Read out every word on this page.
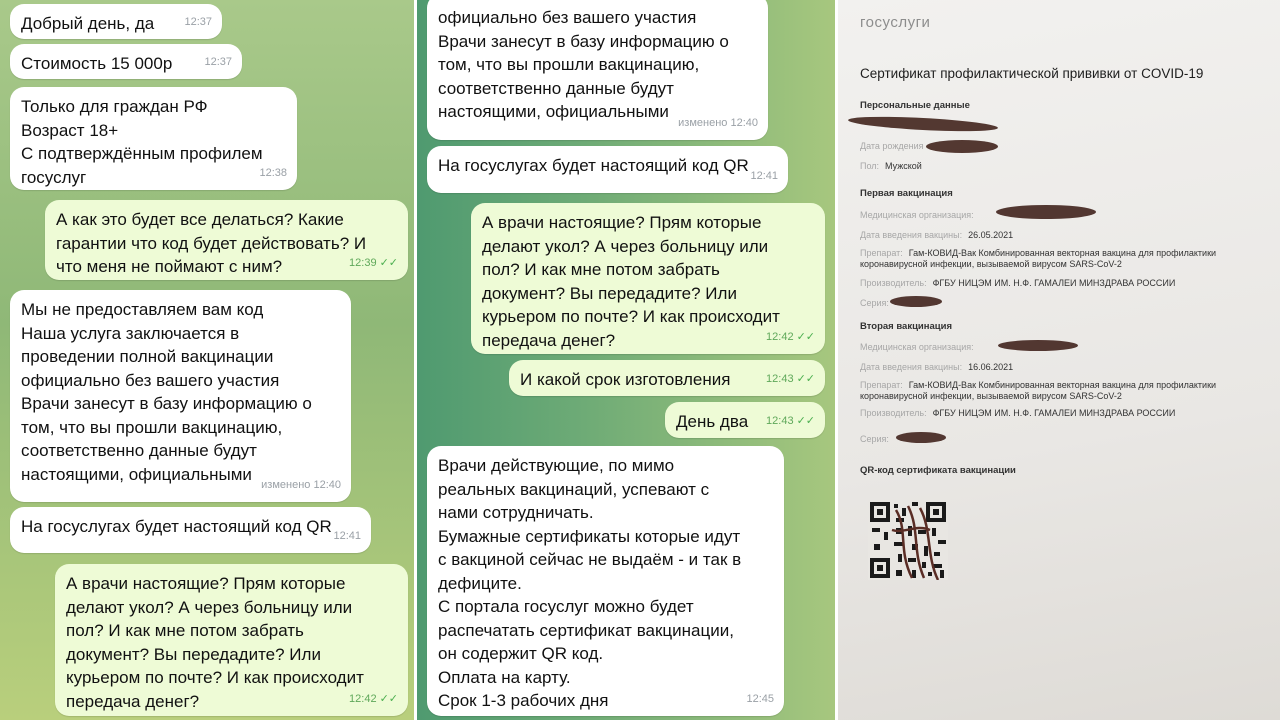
Добрый день, да	12:37
Стоимость 15 000р	12:37
Только для граждан РФ
Возраст 18+
С подтверждённым профилем
госуслуг	12:38
А как это будет все делаться? Какие
гарантии что код будет действовать? И
что меня не поймают с ним?	12:39 ✓✓
Мы не предоставляем вам код
Наша услуга заключается в
проведении полной вакцинации
официально без вашего участия
Врачи занесут в базу информацию о
том, что вы прошли вакцинацию,
соответственно данные будут
настоящими, официальными
изменено 12:40
На госуслугах будет настоящий код QR 12:41
А врачи настоящие? Прям которые
делают укол? А через больницу или
пол? И как мне потом забрать
документ? Вы передадите? Или
курьером по почте? И как происходит
передача денег?	12:42 ✓✓
официально без вашего участия
Врачи занесут в базу информацию о
том, что вы прошли вакцинацию,
соответственно данные будут
настоящими, официальными
изменено 12:40
На госуслугах будет настоящий код QR
12:41
А врачи настоящие? Прям которые
делают укол? А через больницу или
пол? И как мне потом забрать
документ? Вы передадите? Или
курьером по почте? И как происходит
передача денег?	12:42 ✓✓
И какой срок изготовления	12:43 ✓✓
День два	12:43 ✓✓
Врачи действующие, по мимо
реальных вакцинаций, успевают с
нами сотрудничать.
Бумажные сертификаты которые идут
с вакциной сейчас не выдаём - и так в
дефиците.
С портала госуслуг можно будет
распечатать сертификат вакцинации,
он содержит QR код.
Оплата на карту.
Срок 1-3 рабочих дня	12:45
госуслуги
Сертификат профилактической прививки от COVID-19
Персональные данные
Дата рождения
Пол: Мужской
Первая вакцинация
Медицинская организация:
Дата введения вакцины: 26.05.2021
Препарат: Гам-КОВИД-Вак Комбинированная векторная вакцина для профилактики коронавирусной инфекции, вызываемой вирусом SARS-CoV-2
Производитель: ФГБУ НИЦЭМ ИМ. Н.Ф. ГАМАЛЕИ МИНЗДРАВА РОССИИ
Серия:
Вторая вакцинация
Медицинская организация:
Дата введения вакцины: 16.06.2021
Препарат: Гам-КОВИД-Вак Комбинированная векторная вакцина для профилактики коронавирусной инфекции, вызываемой вирусом SARS-CoV-2
Производитель: ФГБУ НИЦЭМ ИМ. Н.Ф. ГАМАЛЕИ МИНЗДРАВА РОССИИ
Серия:
QR-код сертификата вакцинации
